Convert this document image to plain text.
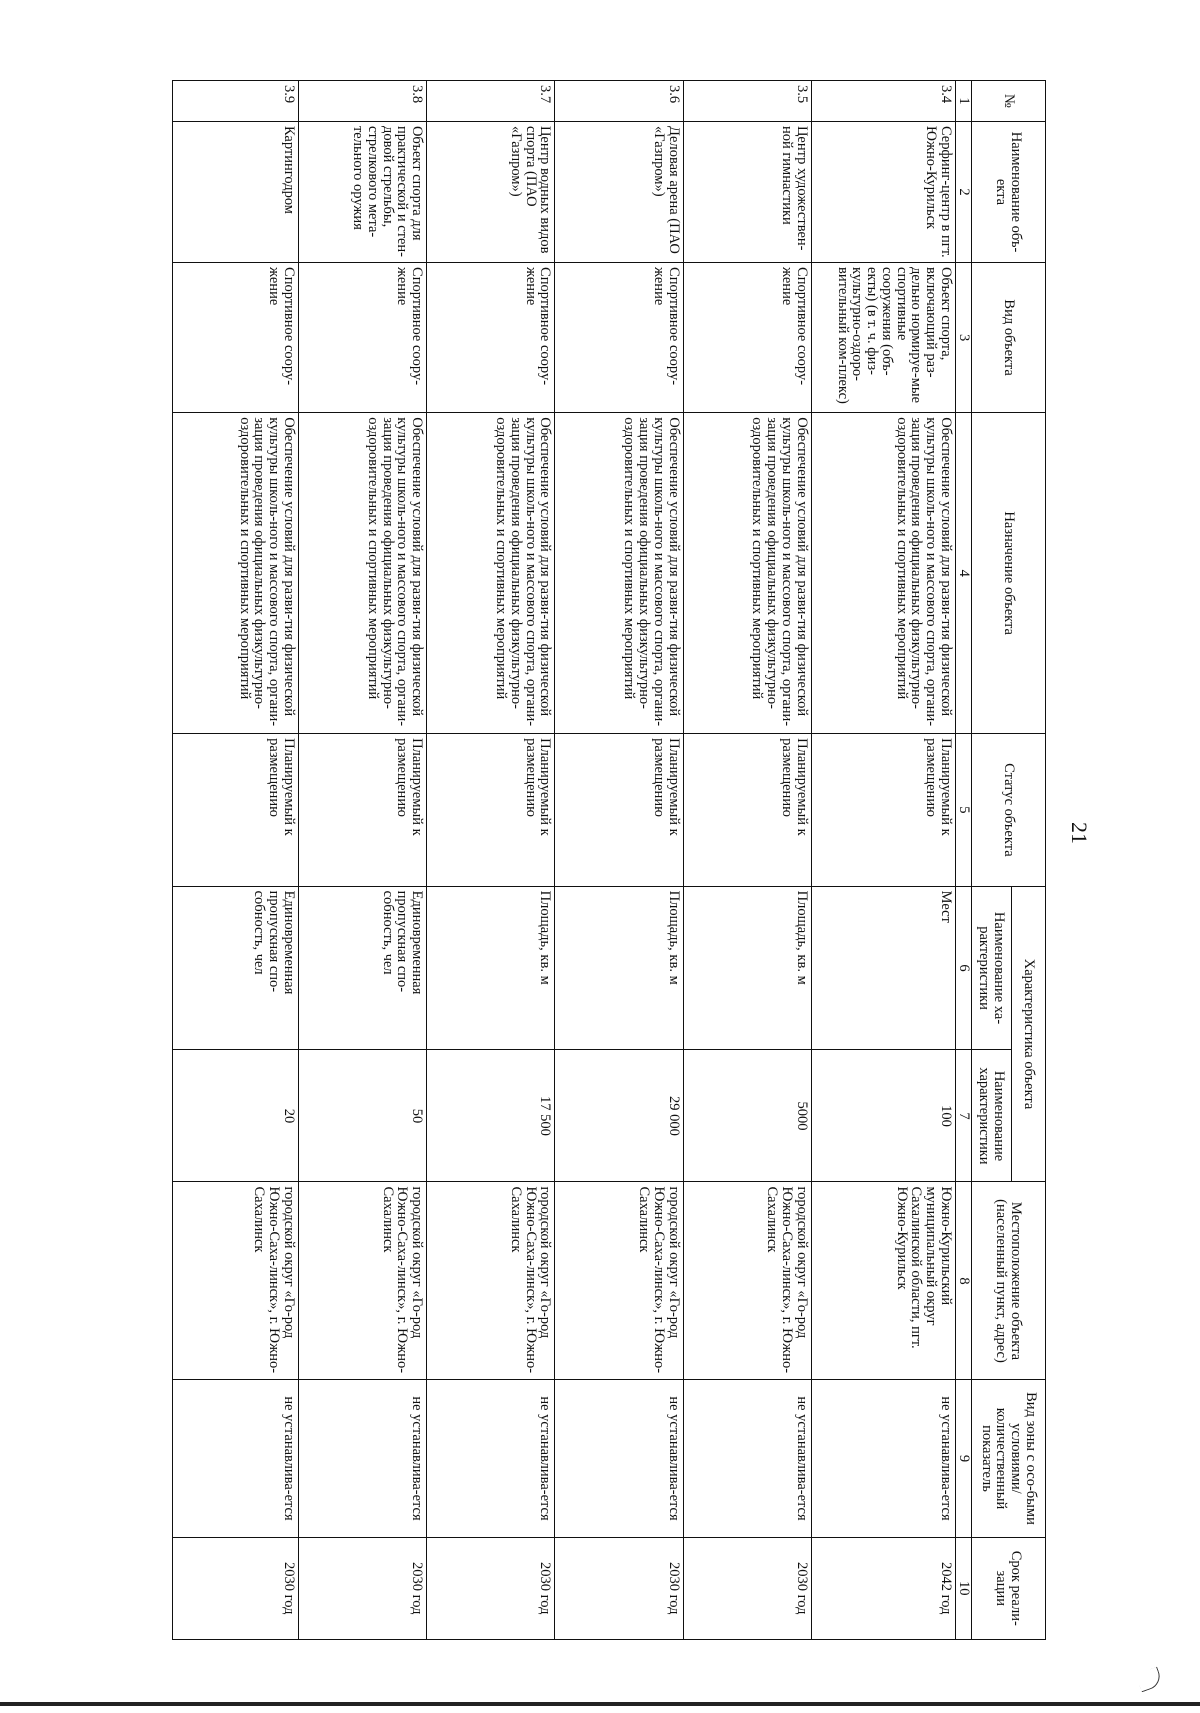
21
№	Наименование объ-екта	Вид объекта	Назначение объекта	Статус объекта	Характеристика объекта		Местоположение объекта (населенный пункт, адрес)	Вид зоны с осо-быми условиями/ количественный показатель	Срок реали-зации
					Наименование ха-рактеристики	Наименование характеристики			
1	2	3	4	5	6	7	8	9	10
3.4	Серфинг-центр в пгт. Южно-Курильск	Объект спорта, включающий раз-дельно нормируе-мые спортивные сооружения (объ-екты) (в т. ч. физ-культурно-оздоро-вительный ком-плекс)	Обеспечение условий для разви-тия физической культуры школь-ного и массового спорта, органи-зация проведения официальных физкультурно-оздоровительных и спортивных мероприятий	Планируемый к размещению	Мест	100	Южно-Курильский муниципальный округ Сахалинской области, пгт. Южно-Курильск	не устанавлива-ется	2042 год
3.5	Центр художествен-ной гимнастики	Спортивное соору-жение	Обеспечение условий для разви-тия физической культуры школь-ного и массового спорта, органи-зация проведения официальных физкультурно-оздоровительных и спортивных мероприятий	Планируемый к размещению	Площадь, кв. м	5000	городской округ «Го-род Южно-Саха-линск», г. Южно-Сахалинск	не устанавлива-ется	2030 год
3.6	Деловая арена (ПАО «Газпром»)	Спортивное соору-жение	Обеспечение условий для разви-тия физической культуры школь-ного и массового спорта, органи-зация проведения официальных физкультурно-оздоровительных и спортивных мероприятий	Планируемый к размещению	Площадь, кв. м	29 000	городской округ «Го-род Южно-Саха-линск», г. Южно-Сахалинск	не устанавлива-ется	2030 год
3.7	Центр водных видов спорта (ПАО «Газпром»)	Спортивное соору-жение	Обеспечение условий для разви-тия физической культуры школь-ного и массового спорта, органи-зация проведения официальных физкультурно-оздоровительных и спортивных мероприятий	Планируемый к размещению	Площадь, кв. м	17 500	городской округ «Го-род Южно-Саха-линск», г. Южно-Сахалинск	не устанавлива-ется	2030 год
3.8	Объект спорта для практической и стен-довой стрельбы, стрелкового мета-тельного оружия	Спортивное соору-жение	Обеспечение условий для разви-тия физической культуры школь-ного и массового спорта, органи-зация проведения официальных физкультурно-оздоровительных и спортивных мероприятий	Планируемый к размещению	Единовременная пропускная спо-собность, чел	50	городской округ «Го-род Южно-Саха-линск», г. Южно-Сахалинск	не устанавлива-ется	2030 год
3.9	Картингодром	Спортивное соору-жение	Обеспечение условий для разви-тия физической культуры школь-ного и массового спорта, органи-зация проведения официальных физкультурно-оздоровительных и спортивных мероприятий	Планируемый к размещению	Единовременная пропускная спо-собность, чел	20	городской округ «Го-род Южно-Саха-линск», г. Южно-Сахалинск	не устанавлива-ется	2030 год
